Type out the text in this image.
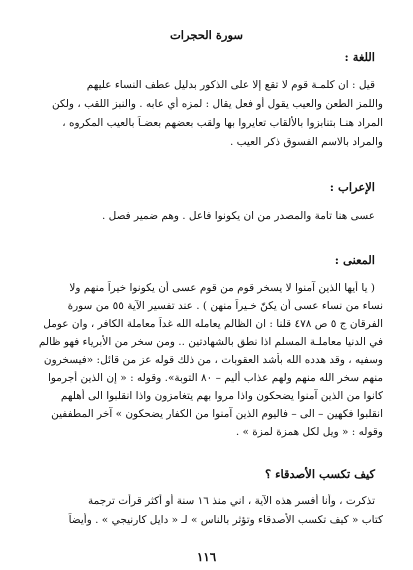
سورة الحجرات
اللغة :
قيل : ان كلمـة قوم لا تقع إلا على الذكور بدليل عطف النساء عليهم
واللمز الطعن والعيب يقول أو فعل يقال : لمزه أي عابه . والنبز اللقب ، ولكن
المراد هنـا بتنابزوا بالألقاب تعايروا بها ولقب بعضهم بعضـاً بالعيب المكروه ،
والمراد بالاسم الفسوق ذكر العيب .
الإعراب :
عسى هنا تامة والمصدر من ان يكونوا فاعل . وهم ضمير فصل .
المعنى :
( يا أيها الذين آمنوا لا يسخر قوم من قوم عسى أن يكونوا خيراً منهم ولا
نساء من نساء عسى أن يكنّ خـيراً منهن ) . عند تفسير الآية ٥٥ من سورة
الفرقان ج ٥ ص ٤٧٨ قلنا : ان الظالم يعامله الله غداً معاملة الكافر ، وان عومل
في الدنيا معاملـة المسلم اذا نطق بالشهادتين .. ومن سخر من الأبرياء فهو ظالم
وسفيه ، وقد هدده الله بأشد العقوبات ، من ذلك قوله عز من قائل: «فيسخرون
منهم سخر الله منهم ولهم عذاب أليم – ٨٠ التوبة». وقوله : « إن الذين أجرموا
كانوا من الذين آمنوا يضحكون واذا مروا بهم يتغامزون واذا انقلبوا الى أهلهم
انقلبوا فكهين – الى – فاليوم الذين آمنوا من الكفار يضحكون » آخر المطففين
وقوله : « ويل لكل همزة لمزة » .
كيف تكسب الأصدقاء ؟
تذكرت ، وأنا أفسر هذه الآية ، اني منذ ١٦ سنة أو أكثر قرأت ترجمة
كتاب « كيف تكسب الأصدقاء وتؤثر بالناس » لـ « دايل كارنيجي » . وأيضاً
١١٦
